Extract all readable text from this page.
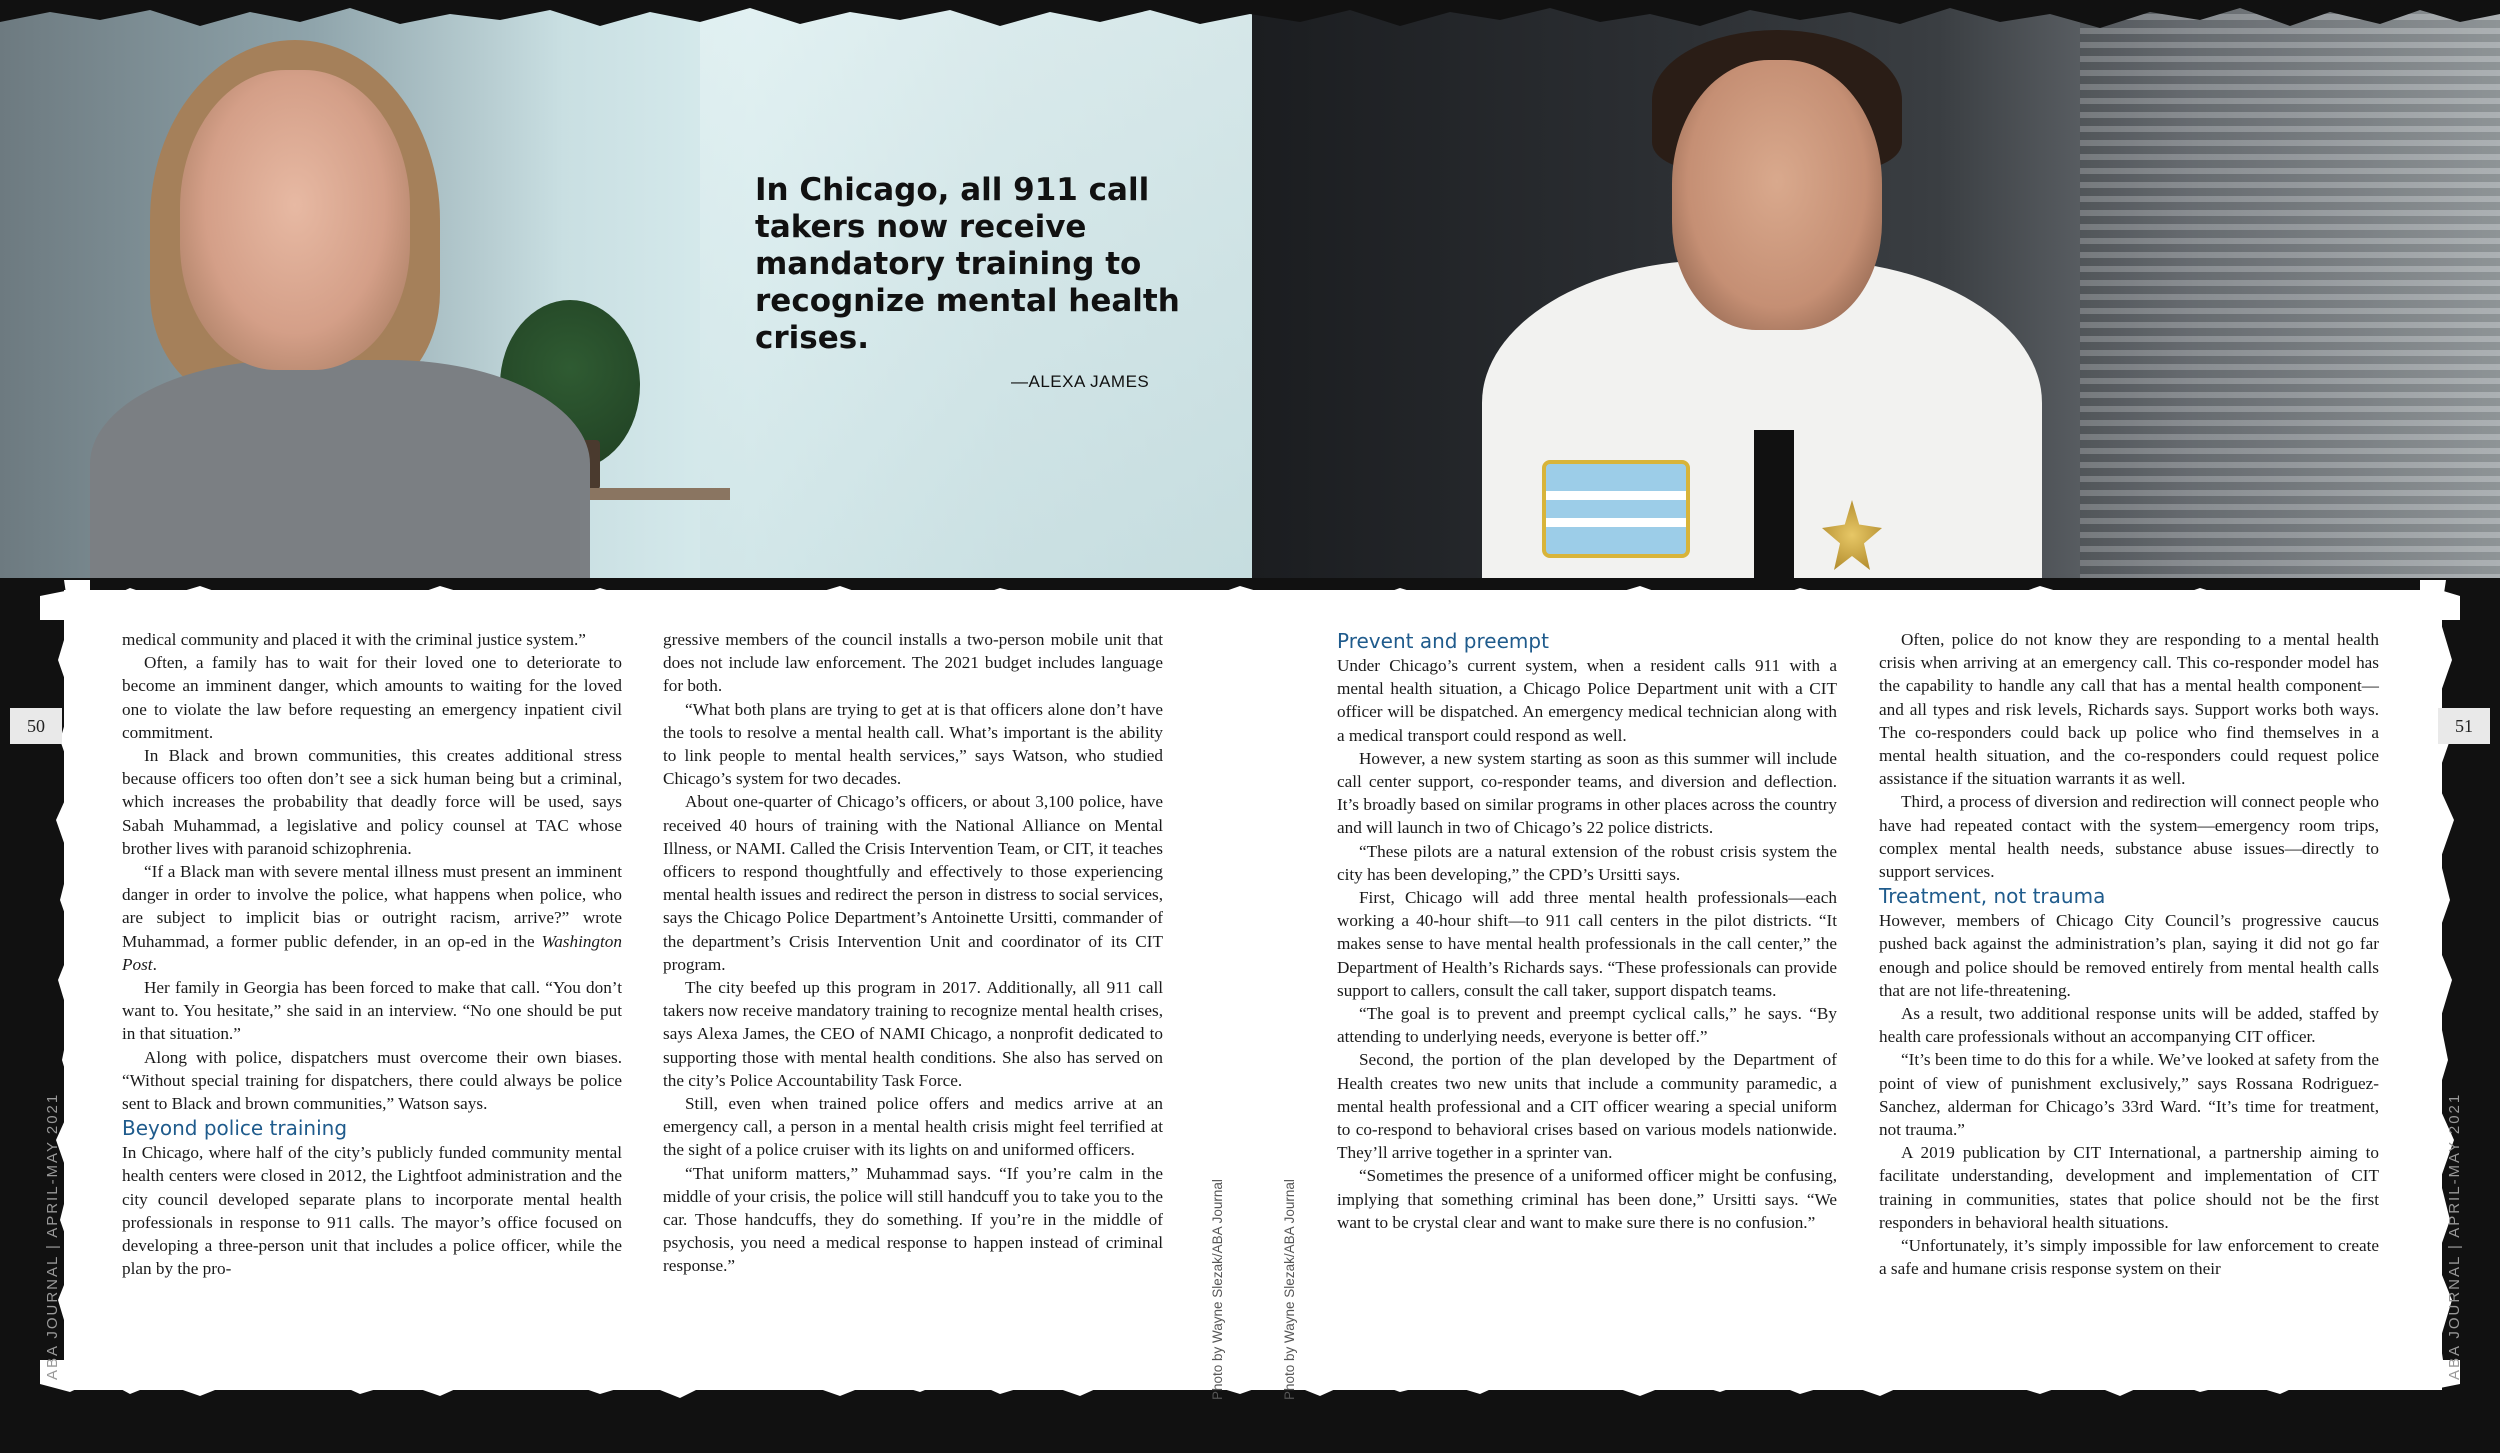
In Chicago, all 911 call takers now receive mandatory training to recognize mental health crises.
—ALEXA JAMES
50	51
ABA JOURNAL | APRIL-MAY 2021	ABA JOURNAL | APRIL-MAY 2021
Photo by Wayne Slezak/ABA Journal	Photo by Wayne Slezak/ABA Journal

medical community and placed it with the criminal justice system.”

Often, a family has to wait for their loved one to deteriorate to become an imminent danger, which amounts to waiting for the loved one to violate the law before requesting an emergency inpatient civil commitment.

In Black and brown communities, this creates additional stress because officers too often don’t see a sick human being but a criminal, which increases the probability that deadly force will be used, says Sabah Muhammad, a legislative and policy counsel at TAC whose brother lives with paranoid schizophrenia.

“If a Black man with severe mental illness must present an imminent danger in order to involve the police, what happens when police, who are subject to implicit bias or outright racism, arrive?” wrote Muhammad, a former public defender, in an op-ed in the Washington Post.

Her family in Georgia has been forced to make that call. “You don’t want to. You hesitate,” she said in an interview. “No one should be put in that situation.”

Along with police, dispatchers must overcome their own biases. “Without special training for dispatchers, there could always be police sent to Black and brown communities,” Watson says.

Beyond police training

In Chicago, where half of the city’s publicly funded community mental health centers were closed in 2012, the Lightfoot administration and the city council developed separate plans to incorporate mental health professionals in response to 911 calls. The mayor’s office focused on developing a three-person unit that includes a police officer, while the plan by the pro-

gressive members of the council installs a two-person mobile unit that does not include law enforcement. The 2021 budget includes language for both.

“What both plans are trying to get at is that officers alone don’t have the tools to resolve a mental health call. What’s important is the ability to link people to mental health services,” says Watson, who studied Chicago’s system for two decades.

About one-quarter of Chicago’s officers, or about 3,100 police, have received 40 hours of training with the National Alliance on Mental Illness, or NAMI. Called the Crisis Intervention Team, or CIT, it teaches officers to respond thoughtfully and effectively to those experiencing mental health issues and redirect the person in distress to social services, says the Chicago Police Department’s Antoinette Ursitti, commander of the department’s Crisis Intervention Unit and coordinator of its CIT program.

The city beefed up this program in 2017. Additionally, all 911 call takers now receive mandatory training to recognize mental health crises, says Alexa James, the CEO of NAMI Chicago, a nonprofit dedicated to supporting those with mental health conditions. She also has served on the city’s Police Accountability Task Force.

Still, even when trained police offers and medics arrive at an emergency call, a person in a mental health crisis might feel terrified at the sight of a police cruiser with its lights on and uniformed officers.

“That uniform matters,” Muhammad says. “If you’re calm in the middle of your crisis, the police will still handcuff you to take you to the car. Those handcuffs, they do something. If you’re in the middle of psychosis, you need a medical response to happen instead of criminal response.”

Prevent and preempt

Under Chicago’s current system, when a resident calls 911 with a mental health situation, a Chicago Police Department unit with a CIT officer will be dispatched. An emergency medical technician along with a medical transport could respond as well.

However, a new system starting as soon as this summer will include call center support, co-responder teams, and diversion and deflection. It’s broadly based on similar programs in other places across the country and will launch in two of Chicago’s 22 police districts.

“These pilots are a natural extension of the robust crisis system the city has been developing,” the CPD’s Ursitti says.

First, Chicago will add three mental health professionals—each working a 40-hour shift—to 911 call centers in the pilot districts. “It makes sense to have mental health professionals in the call center,” the Department of Health’s Richards says. “These professionals can provide support to callers, consult the call taker, support dispatch teams.

“The goal is to prevent and preempt cyclical calls,” he says. “By attending to underlying needs, everyone is better off.”

Second, the portion of the plan developed by the Department of Health creates two new units that include a community paramedic, a mental health professional and a CIT officer wearing a special uniform to co-respond to behavioral crises based on various models nationwide. They’ll arrive together in a sprinter van.

“Sometimes the presence of a uniformed officer might be confusing, implying that something criminal has been done,” Ursitti says. “We want to be crystal clear and want to make sure there is no confusion.”

Often, police do not know they are responding to a mental health crisis when arriving at an emergency call. This co-responder model has the capability to handle any call that has a mental health component—and all types and risk levels, Richards says. Support works both ways. The co-responders could back up police who find themselves in a mental health situation, and the co-responders could request police assistance if the situation warrants it as well.

Third, a process of diversion and redirection will connect people who have had repeated contact with the system—emergency room trips, complex mental health needs, substance abuse issues—directly to support services.

Treatment, not trauma

However, members of Chicago City Council’s progressive caucus pushed back against the administration’s plan, saying it did not go far enough and police should be removed entirely from mental health calls that are not life-threatening.

As a result, two additional response units will be added, staffed by health care professionals without an accompanying CIT officer.

“It’s been time to do this for a while. We’ve looked at safety from the point of view of punishment exclusively,” says Rossana Rodriguez-Sanchez, alderman for Chicago’s 33rd Ward. “It’s time for treatment, not trauma.”

A 2019 publication by CIT International, a partnership aiming to facilitate understanding, development and implementation of CIT training in communities, states that police should not be the first responders in behavioral health situations.

“Unfortunately, it’s simply impossible for law enforcement to create a safe and humane crisis response system on their
